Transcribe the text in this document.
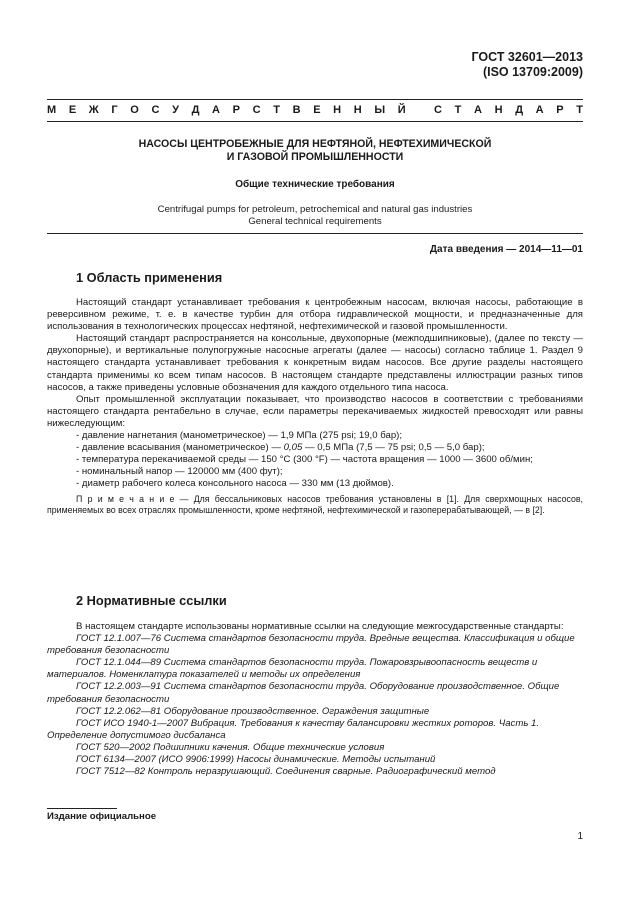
ГОСТ 32601—2013
(ISO 13709:2009)
М Е Ж Г О С У Д А Р С Т В Е Н Н Ы Й
	С Т А Н Д А Р Т
НАСОСЫ ЦЕНТРОБЕЖНЫЕ ДЛЯ НЕФТЯНОЙ, НЕФТЕХИМИЧЕСКОЙ
И ГАЗОВОЙ ПРОМЫШЛЕННОСТИ
Общие технические требования
Centrifugal pumps for petroleum, petrochemical and natural gas industries
General technical requirements
Дата введения — 2014—11—01
1 Область применения

Настоящий стандарт устанавливает требования к центробежным насосам, включая насосы, работающие в реверсивном режиме, т. е. в качестве турбин для отбора гидравлической мощности, и предназначенные для использования в технологических процессах нефтяной, нефтехимической и газовой промышленности.

Настоящий стандарт распространяется на консольные, двухопорные (межподшипниковые), (далее по тексту — двухопорные), и вертикальные полупогружные насосные агрегаты (далее — насосы) согласно таблице 1. Раздел 9 настоящего стандарта устанавливает требования к конкретным видам насосов. Все другие разделы настоящего стандарта применимы ко всем типам насосов. В настоящем стандарте представлены иллюстрации разных типов насосов, а также приведены условные обозначения для каждого отдельного типа насоса.

Опыт промышленной эксплуатации показывает, что производство насосов в соответствии с требованиями настоящего стандарта рентабельно в случае, если параметры перекачиваемых жидкостей превосходят или равны нижеследующим:

- давление нагнетания (манометрическое) — 1,9 МПа (275 psi; 19,0 бар);
- давление всасывания (манометрическое) — 0,05 — 0,5 МПа (7,5 — 75 psi; 0,5 — 5,0 бар);
- температура перекачиваемой среды — 150 °C (300 °F) — частота вращения — 1000 — 3600 об/мин;
- номинальный напор — 120000 мм (400 фут);
- диаметр рабочего колеса консольного насоса — 330 мм (13 дюймов).

П р и м е ч а н и е — Для бессальниковых насосов требования установлены в [1]. Для сверхмощных насосов, применяемых во всех отраслях промышленности, кроме нефтяной, нефтехимической и газоперерабатывающей, — в [2].

2 Нормативные ссылки

В настоящем стандарте использованы нормативные ссылки на следующие межгосударственные стандарты:

ГОСТ 12.1.007—76 Система стандартов безопасности труда. Вредные вещества. Классификация и общие требования безопасности

ГОСТ 12.1.044—89 Система стандартов безопасности труда. Пожаровзрывоопасность веществ и материалов. Номенклатура показателей и методы их определения

ГОСТ 12.2.003—91 Система стандартов безопасности труда. Оборудование производственное. Общие требования безопасности

ГОСТ 12.2.062—81 Оборудование производственное. Ограждения защитные

ГОСТ ИСО 1940-1—2007 Вибрация. Требования к качеству балансировки жестких роторов. Часть 1. Определение допустимого дисбаланса

ГОСТ 520—2002 Подшипники качения. Общие технические условия

ГОСТ 6134—2007 (ИСО 9906:1999) Насосы динамические. Методы испытаний

ГОСТ 7512—82 Контроль неразрушающий. Соединения сварные. Радиографический метод

Издание официальное
1
